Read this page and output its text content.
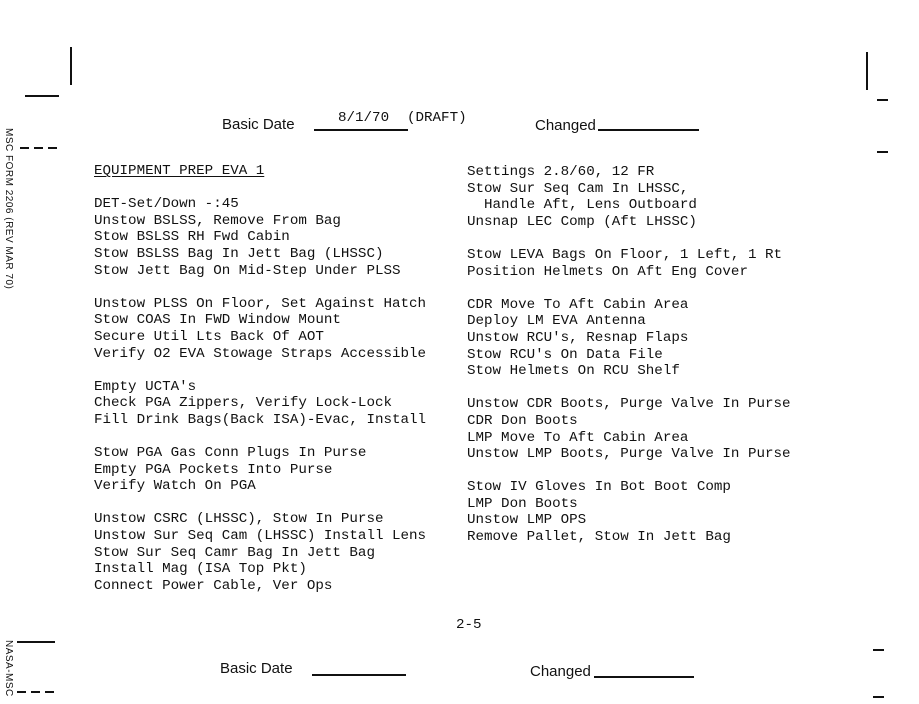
MSC FORM 2206 (REV MAR 70)
NASA-MSC
Basic Date	8/1/70 (DRAFT)	Changed
EQUIPMENT PREP EVA 1
DET-Set/Down -:45
Unstow BSLSS, Remove From Bag
Stow BSLSS RH Fwd Cabin
Stow BSLSS Bag In Jett Bag (LHSSC)
Stow Jett Bag On Mid-Step Under PLSS
Unstow PLSS On Floor, Set Against Hatch
Stow COAS In FWD Window Mount
Secure Util Lts Back Of AOT
Verify O2 EVA Stowage Straps Accessible
Empty UCTA's
Check PGA Zippers, Verify Lock-Lock
Fill Drink Bags(Back ISA)-Evac, Install
Stow PGA Gas Conn Plugs In Purse
Empty PGA Pockets Into Purse
Verify Watch On PGA
Unstow CSRC (LHSSC), Stow In Purse
Unstow Sur Seq Cam (LHSSC) Install Lens
Stow Sur Seq Camr Bag In Jett Bag
Install Mag (ISA Top Pkt)
Connect Power Cable, Ver Ops
Settings 2.8/60, 12 FR
Stow Sur Seq Cam In LHSSC,
Handle Aft, Lens Outboard
Unsnap LEC Comp (Aft LHSSC)
Stow LEVA Bags On Floor, 1 Left, 1 Rt
Position Helmets On Aft Eng Cover
CDR Move To Aft Cabin Area
Deploy LM EVA Antenna
Unstow RCU's, Resnap Flaps
Stow RCU's On Data File
Stow Helmets On RCU Shelf
Unstow CDR Boots, Purge Valve In Purse
CDR Don Boots
LMP Move To Aft Cabin Area
Unstow LMP Boots, Purge Valve In Purse
Stow IV Gloves In Bot Boot Comp
LMP Don Boots
Unstow LMP OPS
Remove Pallet, Stow In Jett Bag
2-5
Basic Date	Changed
